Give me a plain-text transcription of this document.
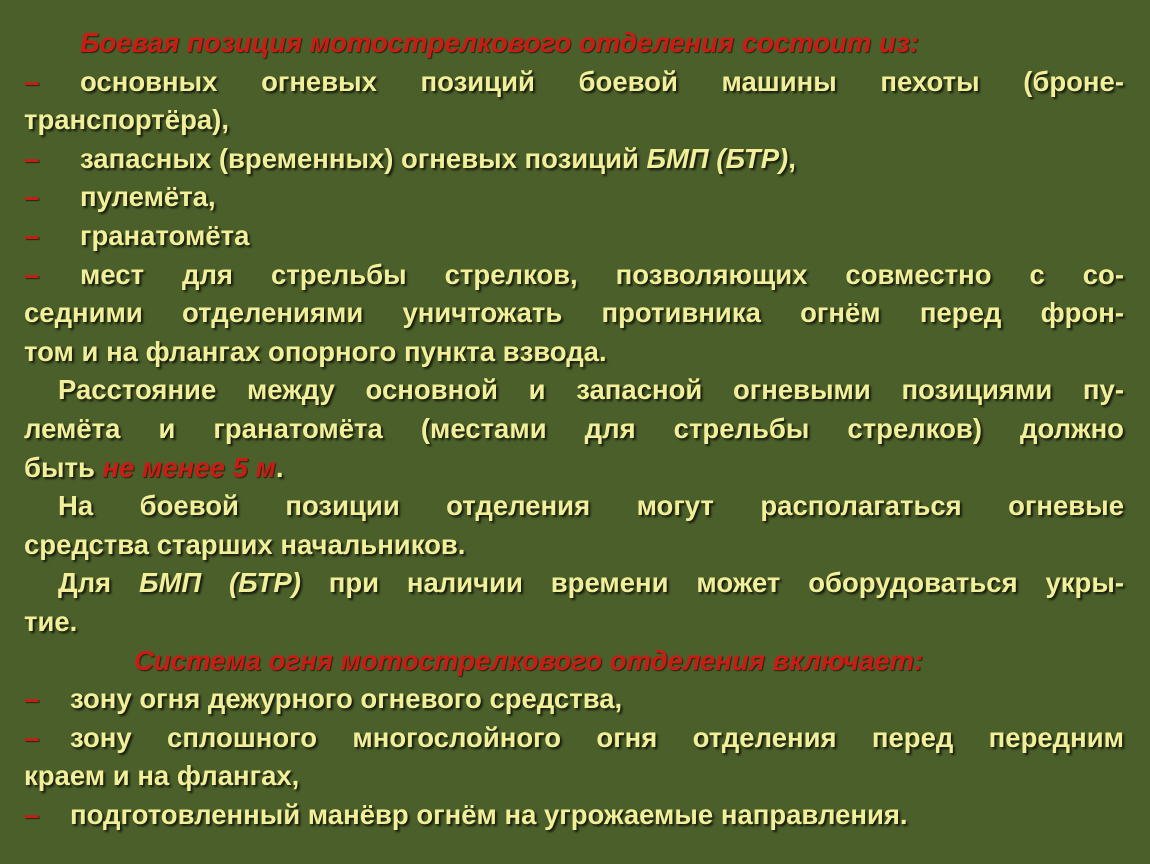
Боевая позиция мотострелкового отделения состоит из:
–	основных огневых позиций боевой машины пехоты (броне-
транспортёра),
– запасных (временных) огневых позиций БМП (БТР),
– пулемёта,
– гранатомёта
–	мест для стрельбы стрелков, позволяющих совместно с со-
седними отделениями уничтожать противника огнём перед фрон-
том и на флангах опорного пункта взвода.
Расстояние между основной и запасной огневыми позициями пу-
лемёта и гранатомёта (местами для стрельбы стрелков) должно
быть не менее 5 м.
На боевой позиции отделения могут располагаться огневые
средства старших начальников.
Для БМП (БТР) при наличии времени может оборудоваться укры-
тие.
Система огня мотострелкового отделения включает:
– зону огня дежурного огневого средства,
–	зону сплошного многослойного огня отделения перед передним
краем и на флангах,
– подготовленный манёвр огнём на угрожаемые направления.
